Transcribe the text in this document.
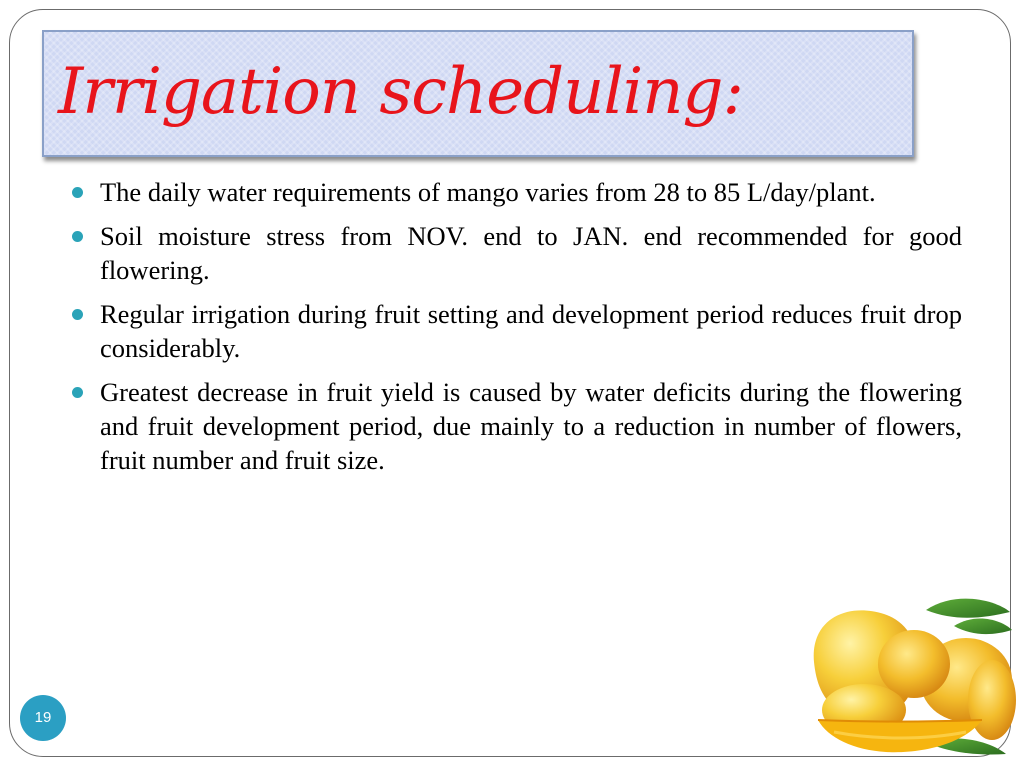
Irrigation scheduling:
The daily water requirements of mango varies from 28 to 85 L/day/plant.
Soil moisture stress from NOV. end to JAN. end recommended for good flowering.
Regular irrigation during fruit setting and development period reduces fruit drop considerably.
Greatest decrease in fruit yield is caused by water deficits during the flowering and fruit development period, due mainly to a reduction in number of flowers, fruit number and fruit size.
19
